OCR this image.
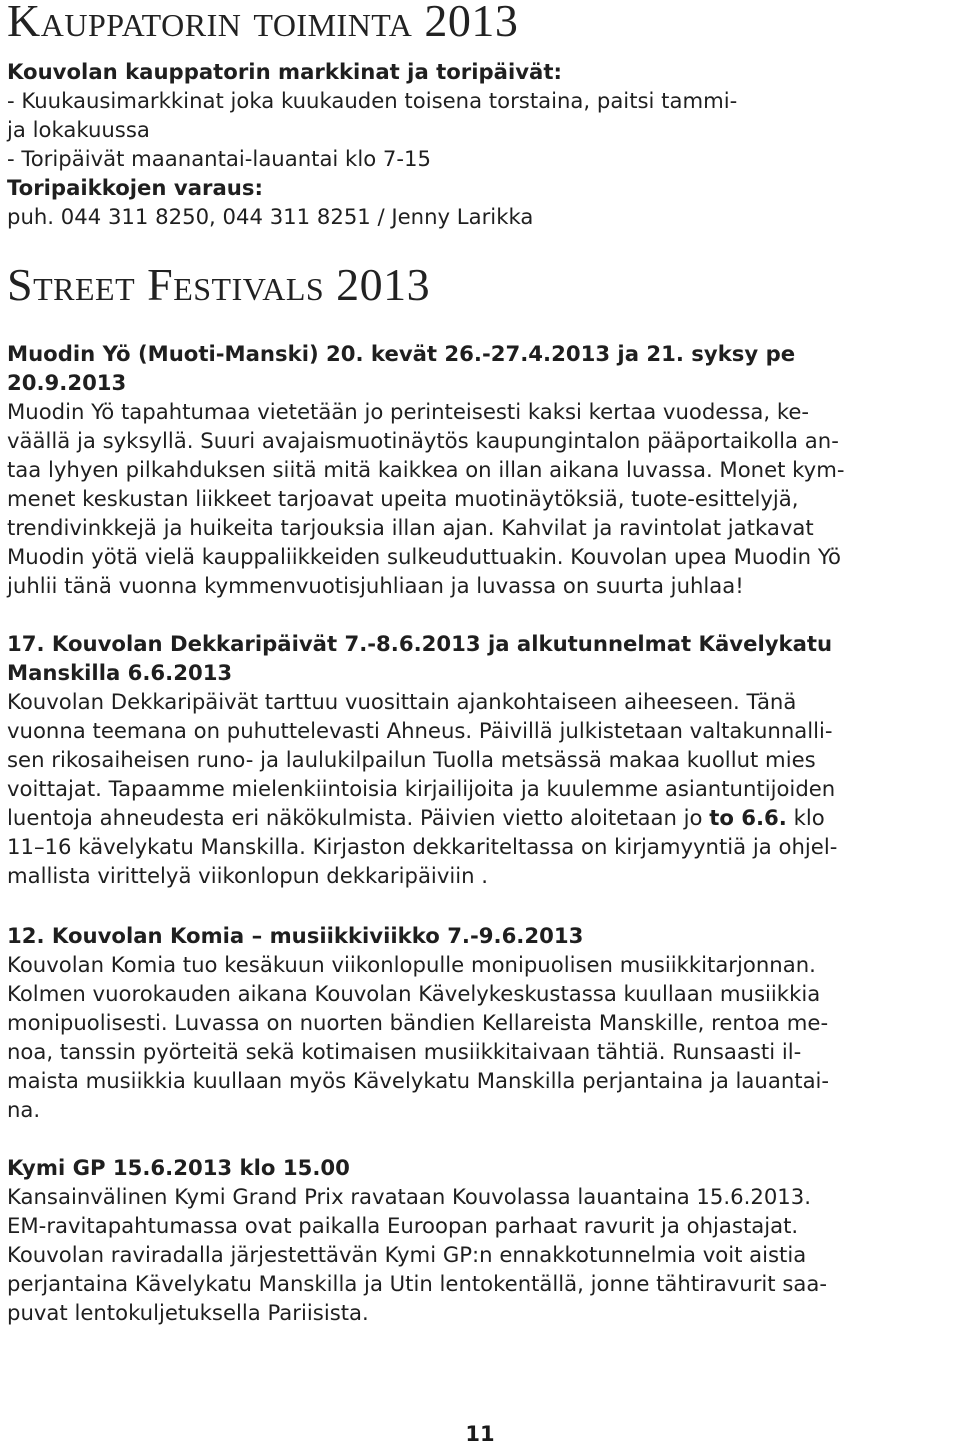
Kauppatorin toiminta 2013
Kouvolan kauppatorin markkinat ja toripäivät:
- Kuukausimarkkinat joka kuukauden toisena torstaina, paitsi tammi-
ja lokakuussa
- Toripäivät maanantai-lauantai klo 7-15
Toripaikkojen varaus:
puh. 044 311 8250, 044 311 8251 / Jenny Larikka
Street Festivals 2013
Muodin Yö (Muoti-Manski) 20. kevät 26.-27.4.2013 ja 21. syksy pe
20.9.2013
Muodin Yö tapahtumaa vietetään jo perinteisesti kaksi kertaa vuodessa, ke-
väällä ja syksyllä. Suuri avajaismuotinäytös kaupungintalon pääportaikolla an-
taa lyhyen pilkahduksen siitä mitä kaikkea on illan aikana luvassa. Monet kym-
menet keskustan liikkeet tarjoavat upeita muotinäytöksiä, tuote-esittelyjä,
trendivinkkejä ja huikeita tarjouksia illan ajan. Kahvilat ja ravintolat jatkavat
Muodin yötä vielä kauppaliikkeiden sulkeuduttuakin. Kouvolan upea Muodin Yö
juhlii tänä vuonna kymmenvuotisjuhliaan ja luvassa on suurta juhlaa!
17. Kouvolan Dekkaripäivät 7.-8.6.2013 ja alkutunnelmat Kävelykatu
Manskilla 6.6.2013
Kouvolan Dekkaripäivät tarttuu vuosittain ajankohtaiseen aiheeseen. Tänä
vuonna teemana on puhuttelevasti Ahneus. Päivillä julkistetaan valtakunnalli-
sen rikosaiheisen runo- ja laulukilpailun Tuolla metsässä makaa kuollut mies
voittajat. Tapaamme mielenkiintoisia kirjailijoita ja kuulemme asiantuntijoiden
luentoja ahneudesta eri näkökulmista. Päivien vietto aloitetaan jo to 6.6. klo
11–16 kävelykatu Manskilla. Kirjaston dekkariteltassa on kirjamyyntiä ja ohjel-
mallista virittelyä viikonlopun dekkaripäiviin .
12. Kouvolan Komia – musiikkiviikko 7.-9.6.2013
Kouvolan Komia tuo kesäkuun viikonlopulle monipuolisen musiikkitarjonnan.
Kolmen vuorokauden aikana Kouvolan Kävelykeskustassa kuullaan musiikkia
monipuolisesti. Luvassa on nuorten bändien Kellareista Manskille, rentoa me-
noa, tanssin pyörteitä sekä kotimaisen musiikkitaivaan tähtiä. Runsaasti il-
maista musiikkia kuullaan myös Kävelykatu Manskilla perjantaina ja lauantai-
na.
Kymi GP 15.6.2013 klo 15.00
Kansainvälinen Kymi Grand Prix ravataan Kouvolassa lauantaina 15.6.2013.
EM-ravitapahtumassa ovat paikalla Euroopan parhaat ravurit ja ohjastajat.
Kouvolan raviradalla järjestettävän Kymi GP:n ennakkotunnelmia voit aistia
perjantaina Kävelykatu Manskilla ja Utin lentokentällä, jonne tähtiravurit saa-
puvat lentokuljetuksella Pariisista.
11
